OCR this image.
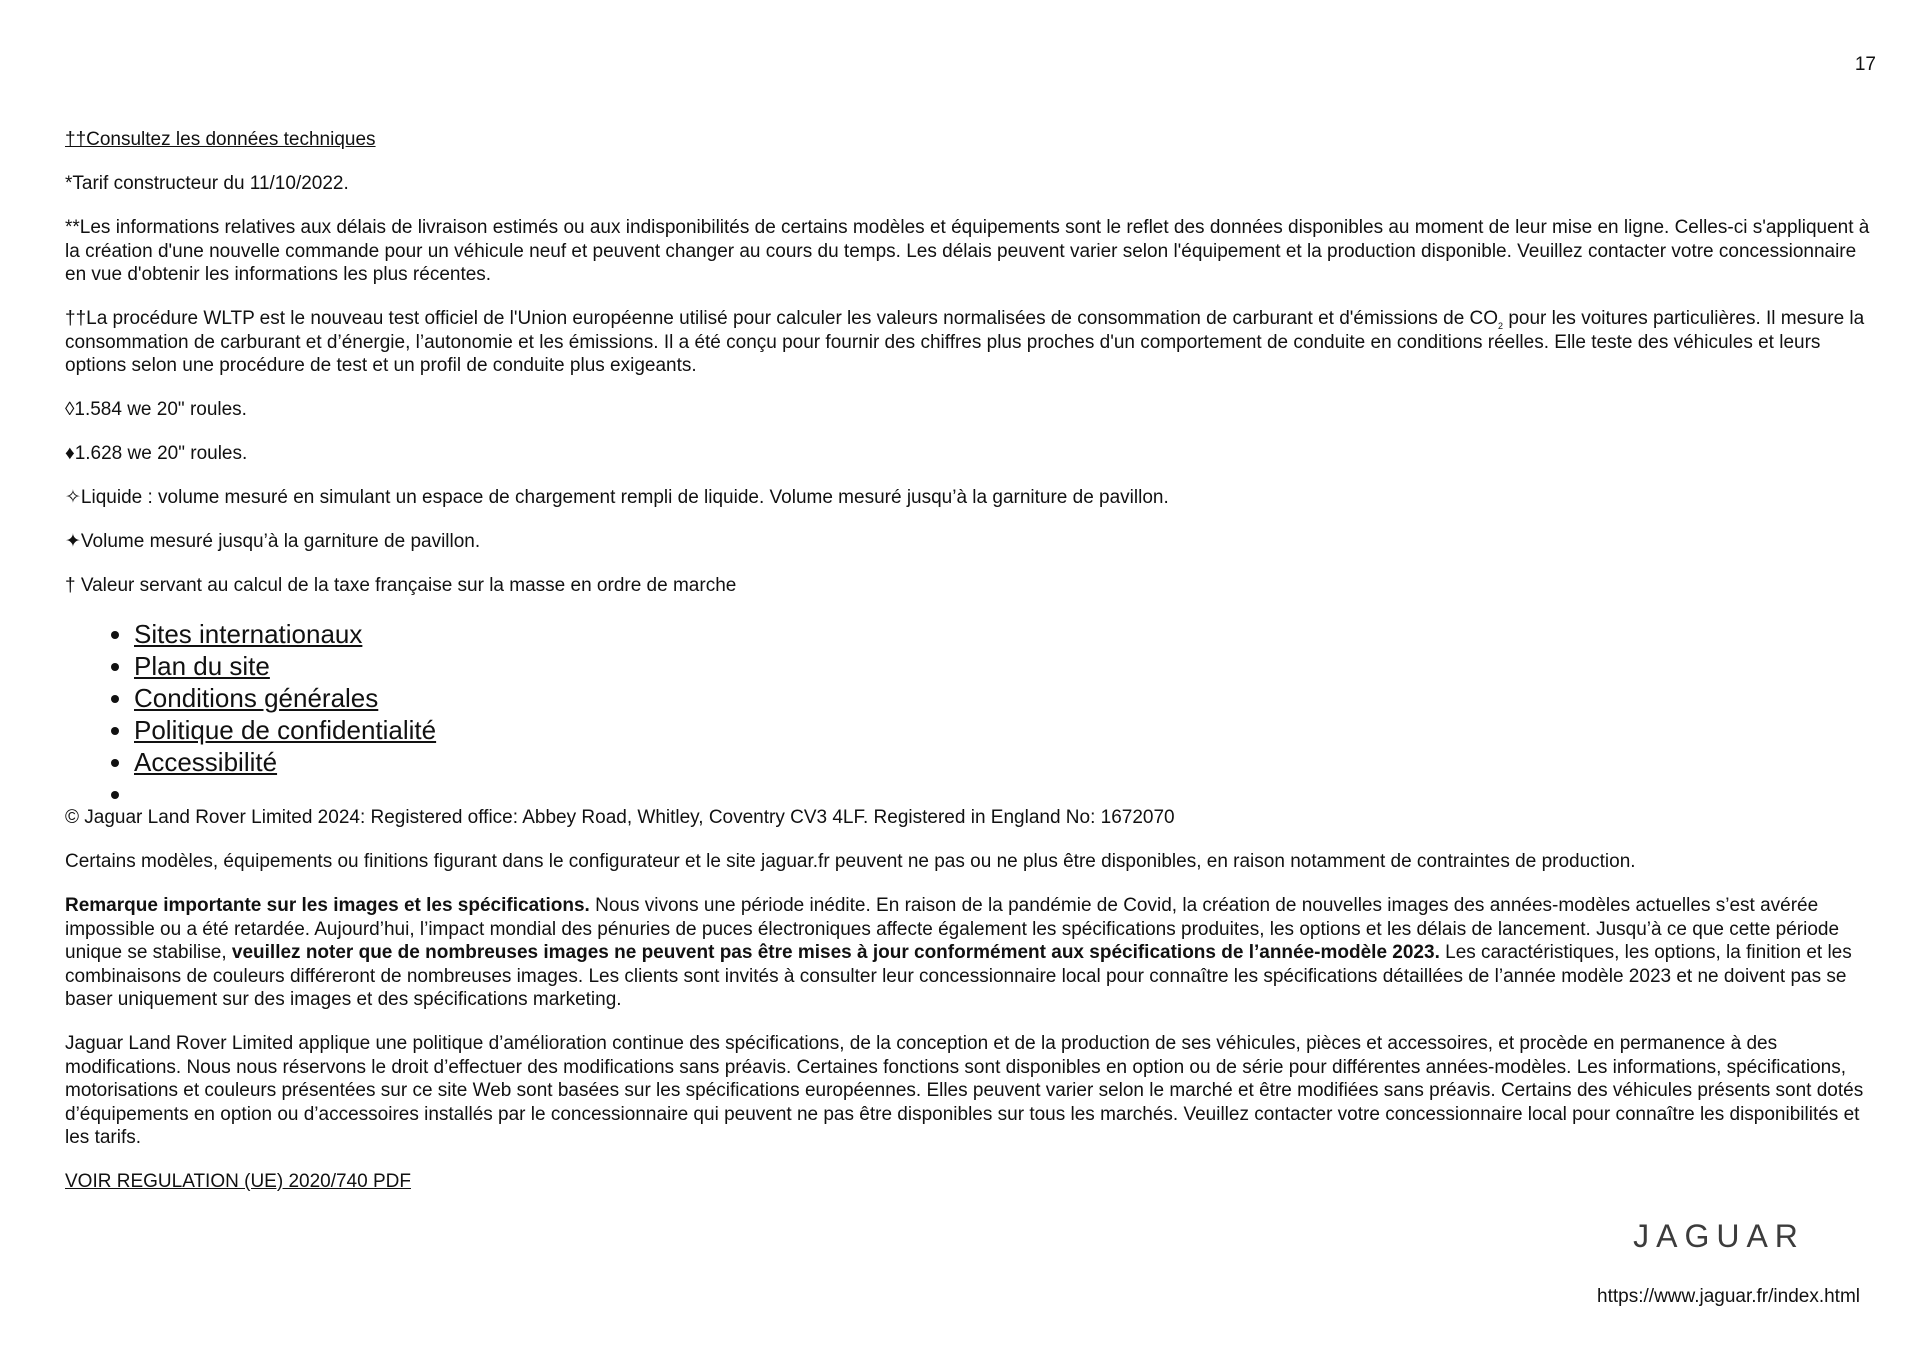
17

††Consultez les données techniques

*Tarif constructeur du 11/10/2022.

**Les informations relatives aux délais de livraison estimés ou aux indisponibilités de certains modèles et équipements sont le reflet des données disponibles au moment de leur mise en ligne. Celles-ci s'appliquent à la création d'une nouvelle commande pour un véhicule neuf et peuvent changer au cours du temps. Les délais peuvent varier selon l'équipement et la production disponible. Veuillez contacter votre concessionnaire en vue d'obtenir les informations les plus récentes.

††La procédure WLTP est le nouveau test officiel de l'Union européenne utilisé pour calculer les valeurs normalisées de consommation de carburant et d'émissions de $CO_2$ pour les voitures particulières. Il mesure la consommation de carburant et d’énergie, l’autonomie et les émissions. Il a été conçu pour fournir des chiffres plus proches d'un comportement de conduite en conditions réelles. Elle teste des véhicules et leurs options selon une procédure de test et un profil de conduite plus exigeants.

◊1.584 we 20" roules.

♦1.628 we 20" roules.

✧Liquide : volume mesuré en simulant un espace de chargement rempli de liquide. Volume mesuré jusqu’à la garniture de pavillon.

✦Volume mesuré jusqu’à la garniture de pavillon.

† Valeur servant au calcul de la taxe française sur la masse en ordre de marche

• Sites internationaux
• Plan du site
• Conditions générales
• Politique de confidentialité
• Accessibilité
•

© Jaguar Land Rover Limited 2024: Registered office: Abbey Road, Whitley, Coventry CV3 4LF. Registered in England No: 1672070

Certains modèles, équipements ou finitions figurant dans le configurateur et le site jaguar.fr peuvent ne pas ou ne plus être disponibles, en raison notamment de contraintes de production.

Remarque importante sur les images et les spécifications. Nous vivons une période inédite. En raison de la pandémie de Covid, la création de nouvelles images des années-modèles actuelles s’est avérée impossible ou a été retardée. Aujourd’hui, l’impact mondial des pénuries de puces électroniques affecte également les spécifications produites, les options et les délais de lancement. Jusqu’à ce que cette période unique se stabilise, veuillez noter que de nombreuses images ne peuvent pas être mises à jour conformément aux spécifications de l’année-modèle 2023. Les caractéristiques, les options, la finition et les combinaisons de couleurs différeront de nombreuses images. Les clients sont invités à consulter leur concessionnaire local pour connaître les spécifications détaillées de l’année modèle 2023 et ne doivent pas se baser uniquement sur des images et des spécifications marketing.

Jaguar Land Rover Limited applique une politique d’amélioration continue des spécifications, de la conception et de la production de ses véhicules, pièces et accessoires, et procède en permanence à des modifications. Nous nous réservons le droit d’effectuer des modifications sans préavis. Certaines fonctions sont disponibles en option ou de série pour différentes années-modèles. Les informations, spécifications, motorisations et couleurs présentées sur ce site Web sont basées sur les spécifications européennes. Elles peuvent varier selon le marché et être modifiées sans préavis. Certains des véhicules présents sont dotés d’équipements en option ou d’accessoires installés par le concessionnaire qui peuvent ne pas être disponibles sur tous les marchés. Veuillez contacter votre concessionnaire local pour connaître les disponibilités et les tarifs.

VOIR REGULATION (UE) 2020/740 PDF

JAGUAR
https://www.jaguar.fr/index.html
